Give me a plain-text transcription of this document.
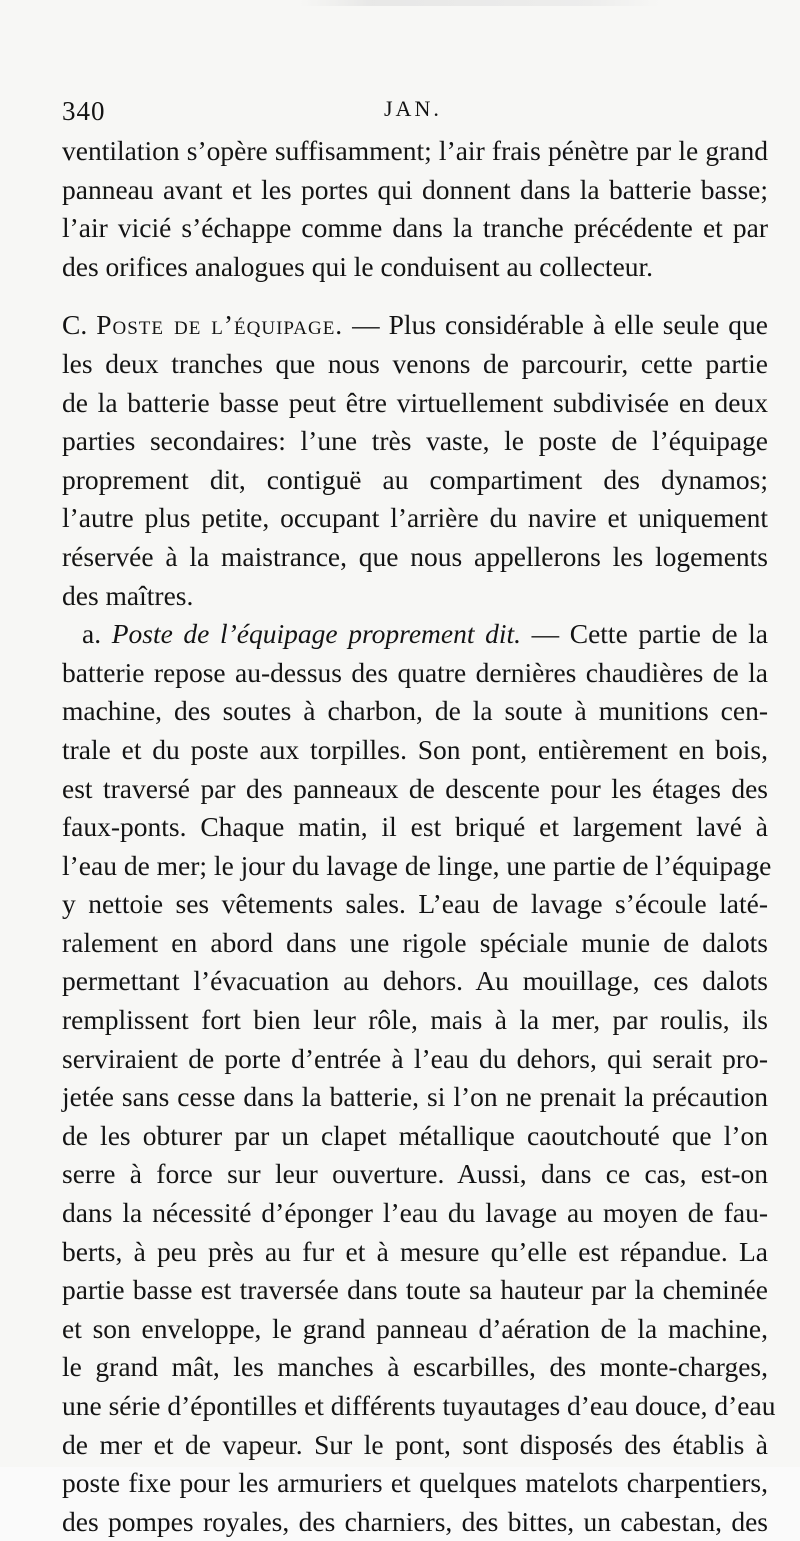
340	JAN.
ventilation s’opère suffisamment; l’air frais pénètre par le grand
panneau avant et les portes qui donnent dans la batterie basse;
l’air vicié s’échappe comme dans la tranche précédente et par
des orifices analogues qui le conduisent au collecteur.
C. Poste de l’équipage. — Plus considérable à elle seule que
les deux tranches que nous venons de parcourir, cette partie
de la batterie basse peut être virtuellement subdivisée en deux
parties secondaires: l’une très vaste, le poste de l’équipage
proprement dit, contiguë au compartiment des dynamos;
l’autre plus petite, occupant l’arrière du navire et uniquement
réservée à la maistrance, que nous appellerons les logements
des maîtres.
a. Poste de l’équipage proprement dit. — Cette partie de la
batterie repose au-dessus des quatre dernières chaudières de la
machine, des soutes à charbon, de la soute à munitions cen-
trale et du poste aux torpilles. Son pont, entièrement en bois,
est traversé par des panneaux de descente pour les étages des
faux-ponts. Chaque matin, il est briqué et largement lavé à
l’eau de mer; le jour du lavage de linge, une partie de l’équipage
y nettoie ses vêtements sales. L’eau de lavage s’écoule laté-
ralement en abord dans une rigole spéciale munie de dalots
permettant l’évacuation au dehors. Au mouillage, ces dalots
remplissent fort bien leur rôle, mais à la mer, par roulis, ils
serviraient de porte d’entrée à l’eau du dehors, qui serait pro-
jetée sans cesse dans la batterie, si l’on ne prenait la précaution
de les obturer par un clapet métallique caoutchouté que l’on
serre à force sur leur ouverture. Aussi, dans ce cas, est-on
dans la nécessité d’éponger l’eau du lavage au moyen de fau-
berts, à peu près au fur et à mesure qu’elle est répandue. La
partie basse est traversée dans toute sa hauteur par la cheminée
et son enveloppe, le grand panneau d’aération de la machine,
le grand mât, les manches à escarbilles, des monte-charges,
une série d’épontilles et différents tuyautages d’eau douce, d’eau
de mer et de vapeur. Sur le pont, sont disposés des établis à
poste fixe pour les armuriers et quelques matelots charpentiers,
des pompes royales, des charniers, des bittes, un cabestan, des
